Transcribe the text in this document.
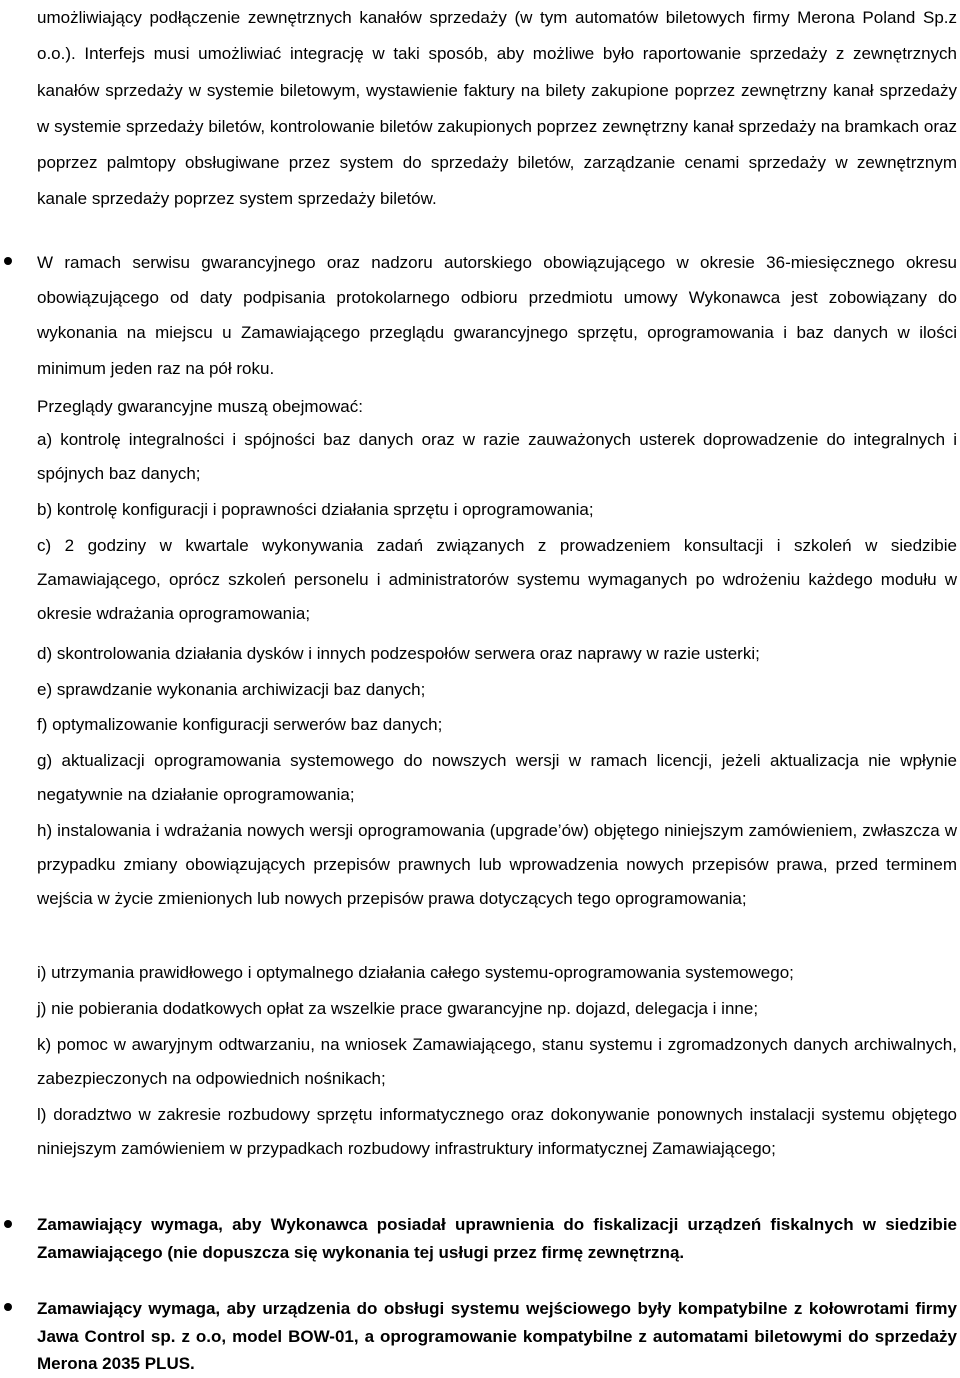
umożliwiający podłączenie zewnętrznych kanałów sprzedaży (w tym automatów biletowych firmy Merona Poland Sp.z o.o.). Interfejs musi umożliwiać integrację w taki sposób, aby możliwe było raportowanie sprzedaży z zewnętrznych kanałów sprzedaży w systemie biletowym, wystawienie faktury na bilety zakupione poprzez zewnętrzny kanał sprzedaży w systemie sprzedaży biletów, kontrolowanie biletów zakupionych poprzez zewnętrzny kanał sprzedaży na bramkach oraz poprzez palmtopy obsługiwane przez system do sprzedaży biletów, zarządzanie cenami sprzedaży w zewnętrznym kanale sprzedaży poprzez system sprzedaży biletów.
W ramach serwisu gwarancyjnego oraz nadzoru autorskiego obowiązującego w okresie 36-miesięcznego okresu obowiązującego od daty podpisania protokolarnego odbioru przedmiotu umowy Wykonawca jest zobowiązany do wykonania na miejscu u Zamawiającego przeglądu gwarancyjnego sprzętu, oprogramowania i baz danych w ilości minimum jeden raz na pół roku.
Przeglądy gwarancyjne muszą obejmować:
a) kontrolę integralności i spójności baz danych oraz w razie zauważonych usterek doprowadzenie do integralnych i spójnych baz danych;
b) kontrolę konfiguracji i poprawności działania sprzętu i oprogramowania;
c) 2 godziny w kwartale wykonywania zadań związanych z prowadzeniem konsultacji i szkoleń w siedzibie Zamawiającego, oprócz szkoleń personelu i administratorów systemu wymaganych po wdrożeniu każdego modułu w okresie wdrażania oprogramowania;
d) skontrolowania działania dysków i innych podzespołów serwera oraz naprawy w razie usterki;
e) sprawdzanie wykonania archiwizacji baz danych;
f) optymalizowanie konfiguracji serwerów baz danych;
g) aktualizacji oprogramowania systemowego do nowszych wersji w ramach licencji, jeżeli aktualizacja nie wpłynie negatywnie na działanie oprogramowania;
h) instalowania i wdrażania nowych wersji oprogramowania (upgrade’ów) objętego niniejszym zamówieniem, zwłaszcza w przypadku zmiany obowiązujących przepisów prawnych lub wprowadzenia nowych przepisów prawa, przed terminem wejścia w życie zmienionych lub nowych przepisów prawa dotyczących tego oprogramowania;
i) utrzymania prawidłowego i optymalnego działania całego systemu-oprogramowania systemowego;
j) nie pobierania dodatkowych opłat za wszelkie prace gwarancyjne np. dojazd, delegacja i inne;
k) pomoc w awaryjnym odtwarzaniu, na wniosek Zamawiającego, stanu systemu i zgromadzonych danych archiwalnych, zabezpieczonych na odpowiednich nośnikach;
l) doradztwo w zakresie rozbudowy sprzętu informatycznego oraz dokonywanie ponownych instalacji systemu objętego niniejszym zamówieniem w przypadkach rozbudowy infrastruktury informatycznej Zamawiającego;
Zamawiający wymaga, aby Wykonawca posiadał uprawnienia do fiskalizacji urządzeń fiskalnych w siedzibie Zamawiającego (nie dopuszcza się wykonania tej usługi przez firmę zewnętrzną.
Zamawiający wymaga, aby urządzenia do obsługi systemu wejściowego były kompatybilne z kołowrotami firmy Jawa Control sp. z o.o, model BOW-01, a oprogramowanie kompatybilne z automatami biletowymi do sprzedaży Merona 2035 PLUS.
